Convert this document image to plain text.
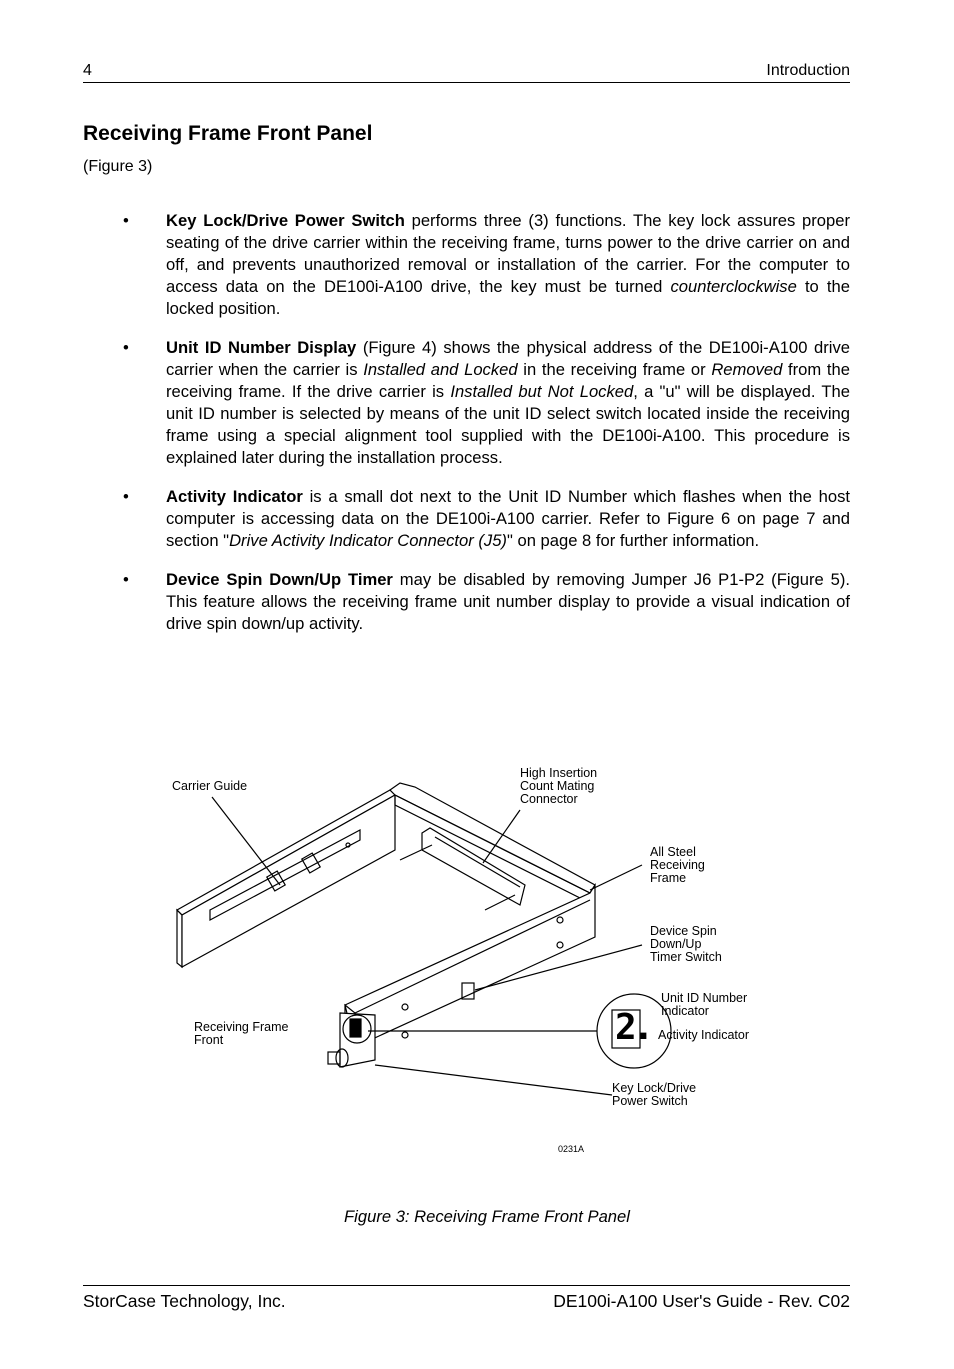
4	Introduction
Receiving Frame Front Panel
(Figure 3)
• Key Lock/Drive Power Switch performs three (3) functions. The key lock assures proper seating of the drive carrier within the receiving frame, turns power to the drive carrier on and off, and prevents unauthorized removal or installation of the carrier. For the computer to access data on the DE100i-A100 drive, the key must be turned counterclockwise to the locked position.
• Unit ID Number Display (Figure 4) shows the physical address of the DE100i-A100 drive carrier when the carrier is Installed and Locked in the receiving frame or Removed from the receiving frame. If the drive carrier is Installed but Not Locked, a "u" will be displayed. The unit ID number is selected by means of the unit ID select switch located inside the receiving frame using a special alignment tool supplied with the DE100i-A100. This procedure is explained later during the installation process.
• Activity Indicator is a small dot next to the Unit ID Number which flashes when the host computer is accessing data on the DE100i-A100 carrier. Refer to Figure 6 on page 7 and section "Drive Activity Indicator Connector (J5)" on page 8 for further information.
• Device Spin Down/Up Timer may be disabled by removing Jumper J6 P1-P2 (Figure 5). This feature allows the receiving frame unit number display to provide a visual indication of drive spin down/up activity.
2.
Carrier Guide
High Insertion
Count Mating
Connector
All Steel
Receiving
Frame
Device Spin
Down/Up
Timer Switch
Unit ID Number
Indicator
Activity Indicator
Receiving Frame
Front
Key Lock/Drive
Power Switch
0231A
Figure 3: Receiving Frame Front Panel
StorCase Technology, Inc.	DE100i-A100 User's Guide - Rev. C02
